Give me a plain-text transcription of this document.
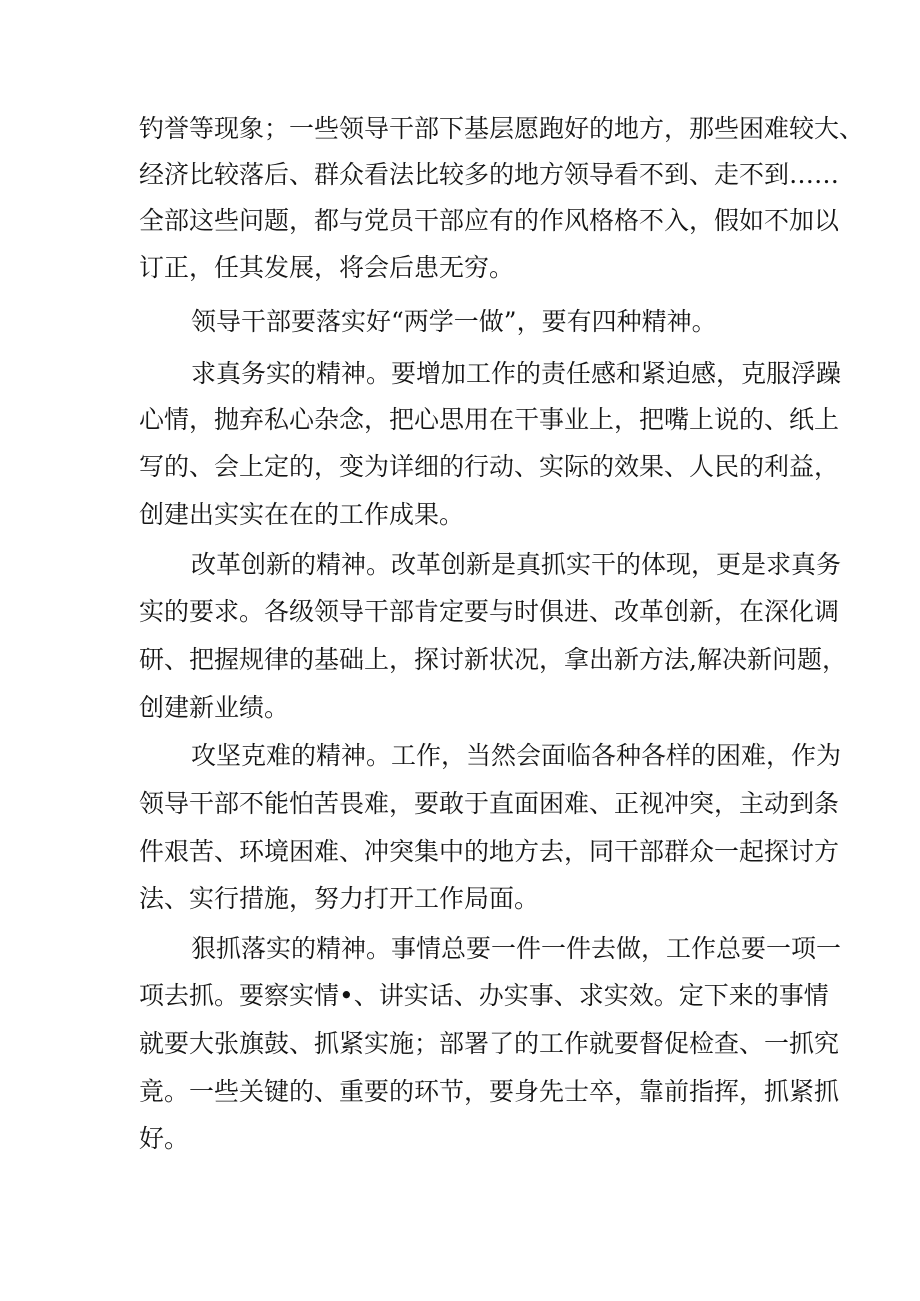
钓誉等现象；一些领导干部下基层愿跑好的地方，那些困难较大、
经济比较落后、群众看法比较多的地方领导看不到、走不到……
全部这些问题，都与党员干部应有的作风格格不入，假如不加以
订正，任其发展，将会后患无穷。
领导干部要落实好“两学一做”，要有四种精神。
求真务实的精神。要增加工作的责任感和紧迫感，克服浮躁
心情，抛弃私心杂念，把心思用在干事业上，把嘴上说的、纸上
写的、会上定的，变为详细的行动、实际的效果、人民的利益，
创建出实实在在的工作成果。
改革创新的精神。改革创新是真抓实干的体现，更是求真务
实的要求。各级领导干部肯定要与时俱进、改革创新，在深化调
研、把握规律的基础上，探讨新状况，拿出新方法,解决新问题，
创建新业绩。
攻坚克难的精神。工作，当然会面临各种各样的困难，作为
领导干部不能怕苦畏难，要敢于直面困难、正视冲突，主动到条
件艰苦、环境困难、冲突集中的地方去，同干部群众一起探讨方
法、实行措施，努力打开工作局面。
狠抓落实的精神。事情总要一件一件去做，工作总要一项一
项去抓。要察实情•、讲实话、办实事、求实效。定下来的事情
就要大张旗鼓、抓紧实施；部署了的工作就要督促检查、一抓究
竟。一些关键的、重要的环节，要身先士卒，靠前指挥，抓紧抓
好。
